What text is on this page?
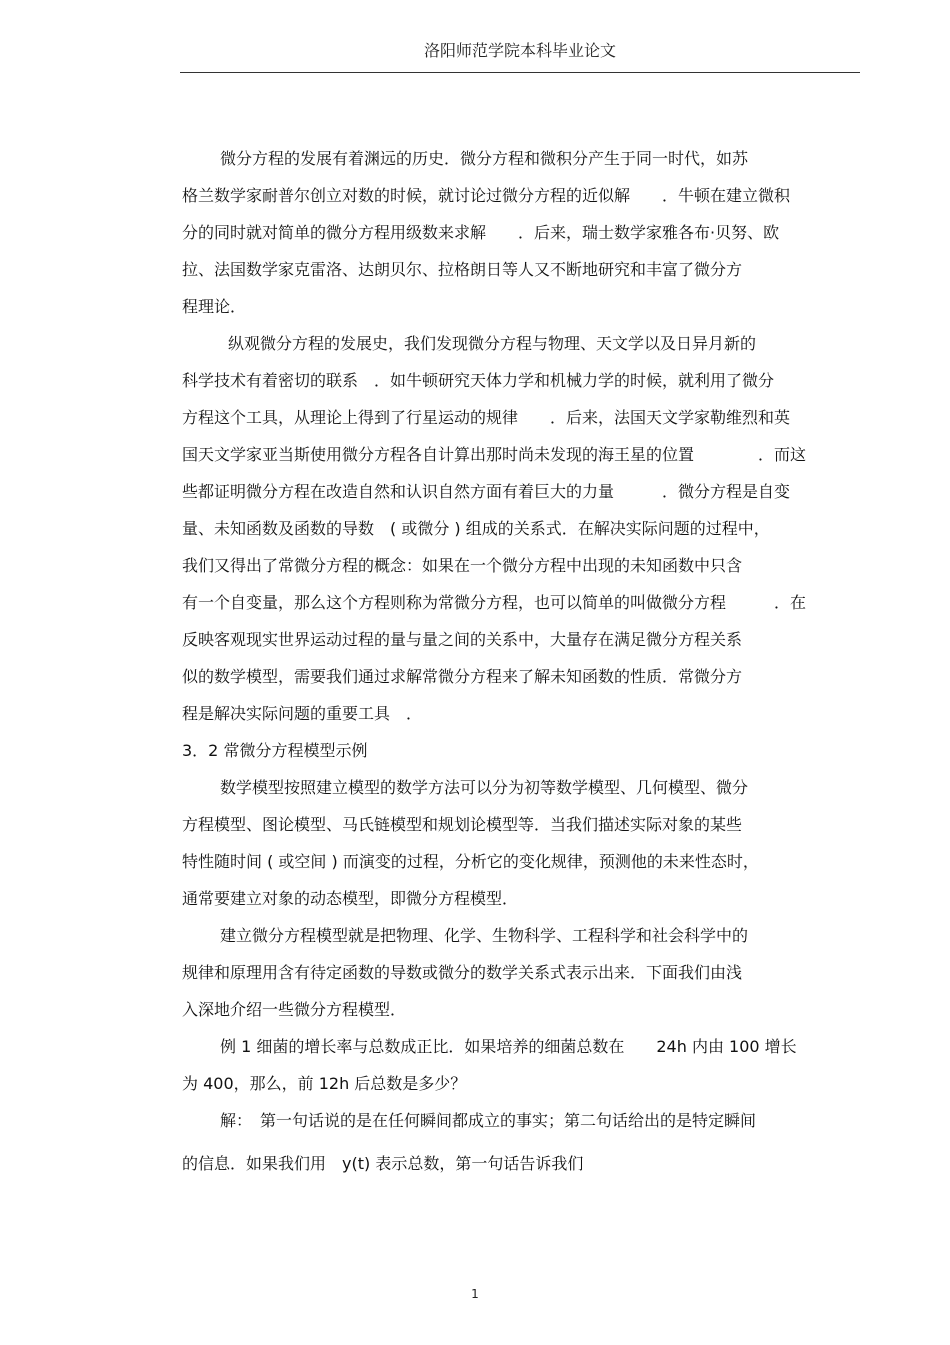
洛阳师范学院本科毕业论文
微分方程的发展有着渊远的历史．微分方程和微积分产生于同一时代，如苏
格兰数学家耐普尔创立对数的时候，就讨论过微分方程的近似解　　．牛顿在建立微积
分的同时就对简单的微分方程用级数来求解　　．后来，瑞士数学家雅各布·贝努、欧
拉、法国数学家克雷洛、达朗贝尔、拉格朗日等人又不断地研究和丰富了微分方
程理论．
纵观微分方程的发展史，我们发现微分方程与物理、天文学以及日异月新的
科学技术有着密切的联系　．如牛顿研究天体力学和机械力学的时候，就利用了微分
方程这个工具，从理论上得到了行星运动的规律　　．后来，法国天文学家勒维烈和英
国天文学家亚当斯使用微分方程各自计算出那时尚未发现的海王星的位置　　　　．而这
些都证明微分方程在改造自然和认识自然方面有着巨大的力量　　　．微分方程是自变
量、未知函数及函数的导数　( 或微分 ) 组成的关系式．在解决实际问题的过程中，
我们又得出了常微分方程的概念：如果在一个微分方程中出现的未知函数中只含
有一个自变量，那么这个方程则称为常微分方程，也可以简单的叫做微分方程　　　．在
反映客观现实世界运动过程的量与量之间的关系中，大量存在满足微分方程关系
似的数学模型，需要我们通过求解常微分方程来了解未知函数的性质．常微分方
程是解决实际问题的重要工具　．
3．2 常微分方程模型示例
数学模型按照建立模型的数学方法可以分为初等数学模型、几何模型、微分
方程模型、图论模型、马氏链模型和规划论模型等．当我们描述实际对象的某些
特性随时间 ( 或空间 ) 而演变的过程，分析它的变化规律，预测他的未来性态时，
通常要建立对象的动态模型，即微分方程模型．
建立微分方程模型就是把物理、化学、生物科学、工程科学和社会科学中的
规律和原理用含有待定函数的导数或微分的数学关系式表示出来．下面我们由浅
入深地介绍一些微分方程模型．
例 1 细菌的增长率与总数成正比．如果培养的细菌总数在　　24h 内由 100 增长
为 400，那么，前 12h 后总数是多少？
解：　第一句话说的是在任何瞬间都成立的事实；第二句话给出的是特定瞬间
的信息．如果我们用　y(t) 表示总数，第一句话告诉我们
1
